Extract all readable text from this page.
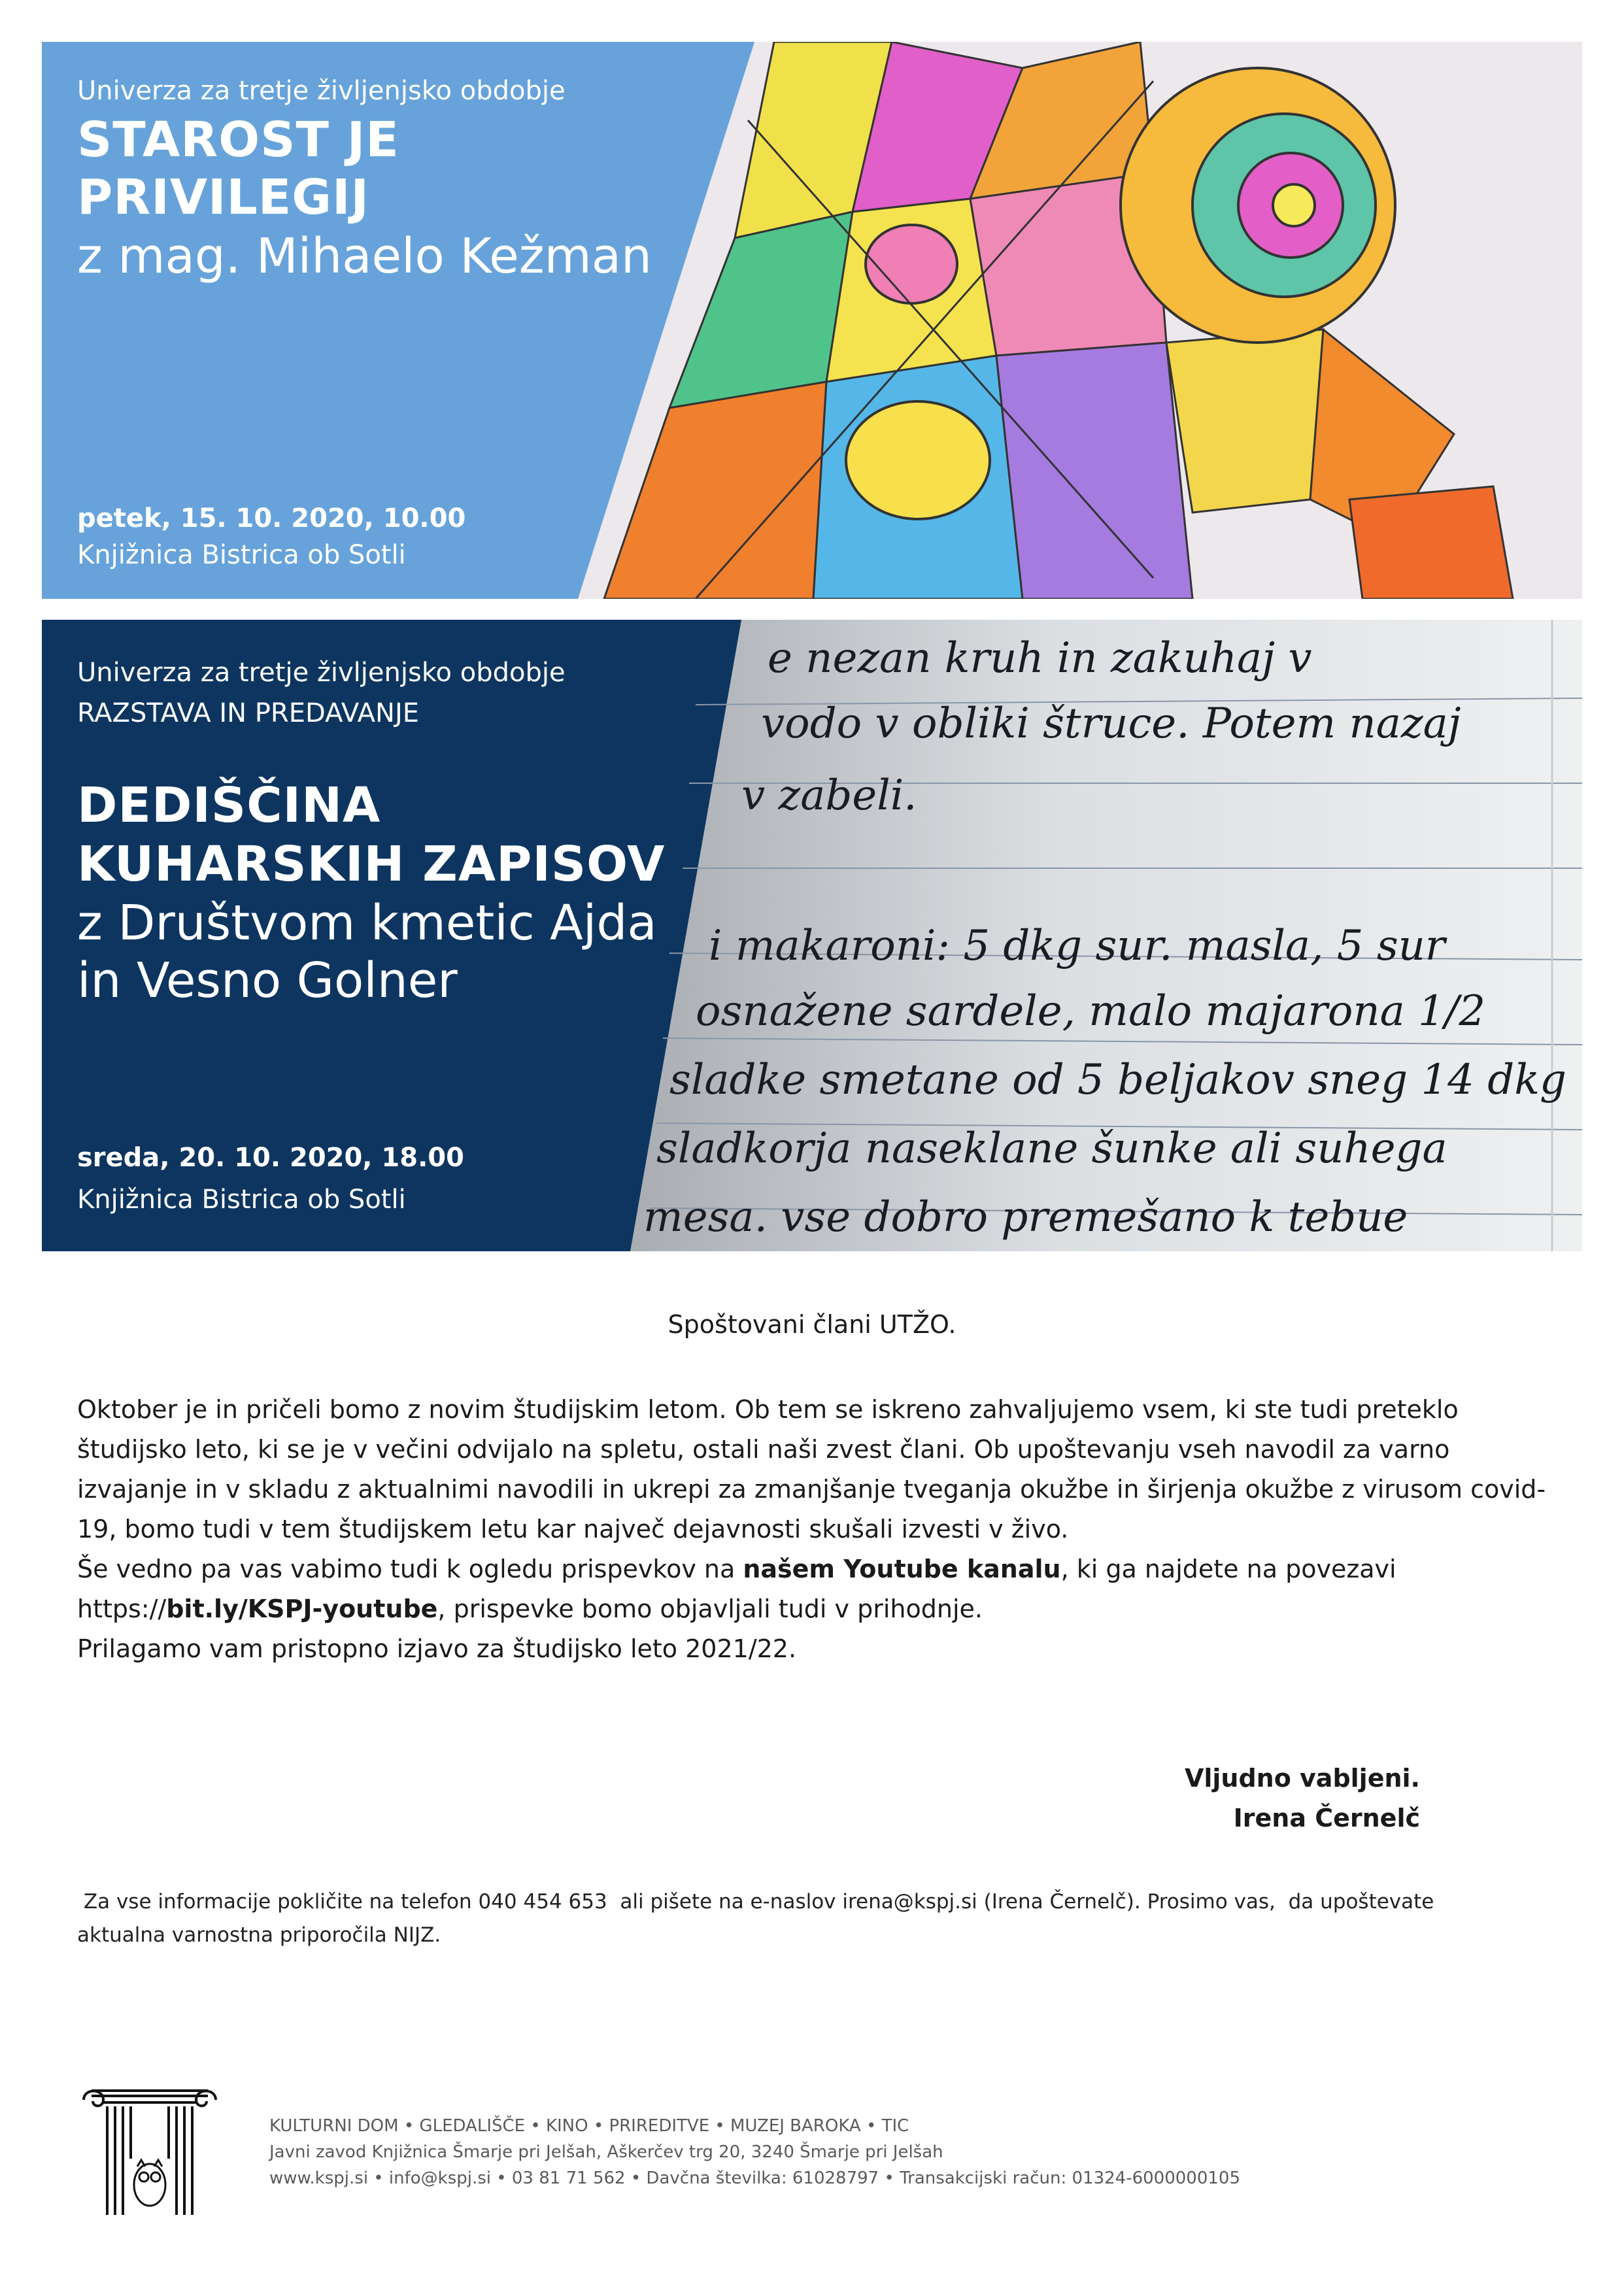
Univerza za tretje življenjsko obdobje
STAROST JE
PRIVILEGIJ
z mag. Mihaelo Kežman
petek, 15. 10. 2020, 10.00
Knjižnica Bistrica ob Sotli
e nezan kruh in zakuhaj v
vodo v obliki štruce. Potem nazaj
v zabeli.
i makaroni: 5 dkg sur. masla, 5 sur
osnažene sardele, malo majarona 1/2
sladke smetane od 5 beljakov sneg 14 dkg
sladkorja naseklane šunke ali suhega
mesa. vse dobro premešano k tebue
Univerza za tretje življenjsko obdobje
RAZSTAVA IN PREDAVANJE
DEDIŠČINA
KUHARSKIH ZAPISOV
z Društvom kmetic Ajda
in Vesno Golner
sreda, 20. 10. 2020, 18.00
Knjižnica Bistrica ob Sotli
Spoštovani člani UTŽO.

Oktober je in pričeli bomo z novim študijskim letom. Ob tem se iskreno zahvaljujemo vsem, ki ste tudi preteklo študijsko leto, ki se je v večini odvijalo na spletu, ostali naši zvest člani. Ob upoštevanju vseh navodil za varno izvajanje in v skladu z aktualnimi navodili in ukrepi za zmanjšanje tveganja okužbe in širjenja okužbe z virusom covid-19, bomo tudi v tem študijskem letu kar največ dejavnosti skušali izvesti v živo.

Še vedno pa vas vabimo tudi k ogledu prispevkov na našem Youtube kanalu, ki ga najdete na povezavi https://bit.ly/KSPJ-youtube, prispevke bomo objavljali tudi v prihodnje.

Prilagamo vam pristopno izjavo za študijsko leto 2021/22.

Vljudno vabljeni.
Irena Černelč
Za vse informacije pokličite na telefon 040 454 653  ali pišete na e-naslov irena@kspj.si (Irena Černelč). Prosimo vas,  da upoštevate
aktualna varnostna priporočila NIJZ.
KULTURNI DOM • GLEDALIŠČE • KINO • PRIREDITVE • MUZEJ BAROKA • TIC
Javni zavod Knjižnica Šmarje pri Jelšah, Aškerčev trg 20, 3240 Šmarje pri Jelšah
www.kspj.si • info@kspj.si • 03 81 71 562 • Davčna številka: 61028797 • Transakcijski račun: 01324-6000000105
